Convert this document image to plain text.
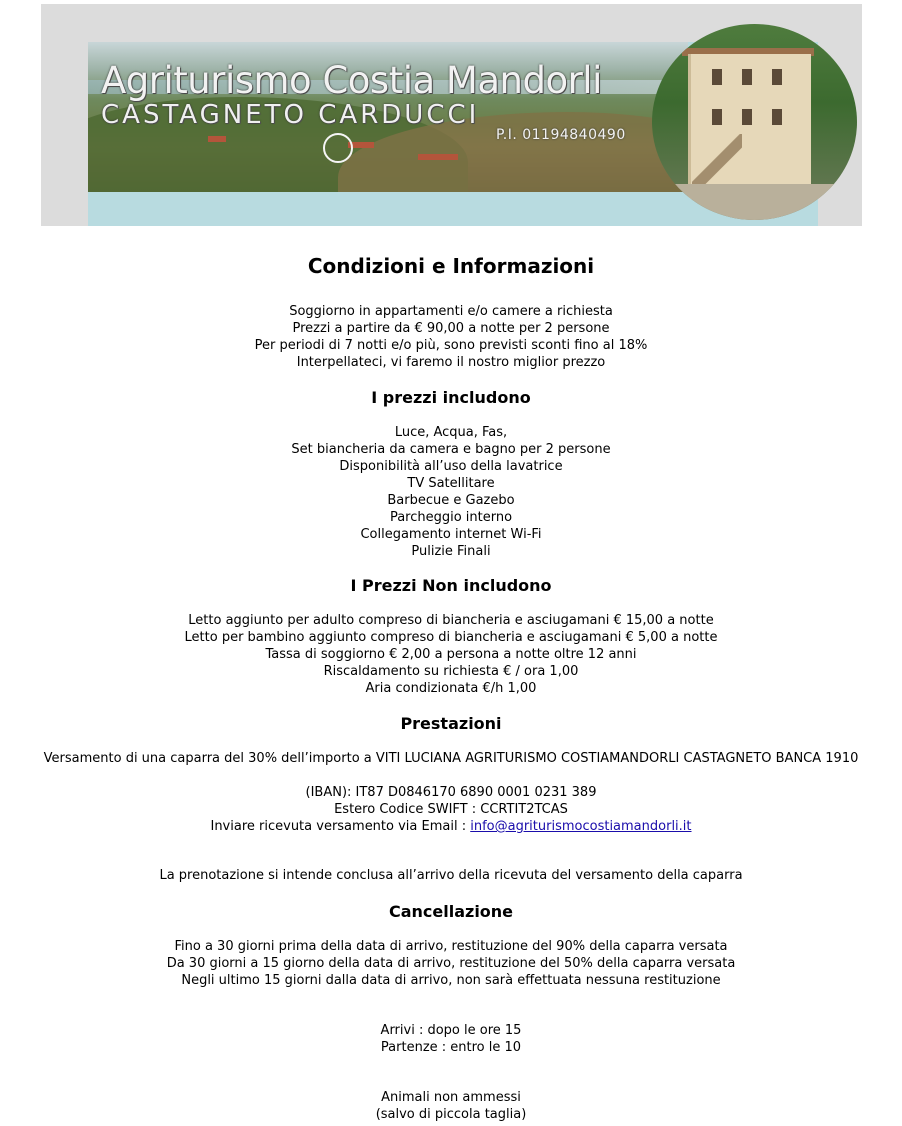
Agriturismo Costia Mandorli
CASTAGNETO CARDUCCI
P.I. 01194840490
Condizioni e Informazioni
Soggiorno in appartamenti e/o camere a richiesta
Prezzi a partire da € 90,00 a notte per 2 persone
Per periodi di 7 notti e/o più, sono previsti sconti fino al 18%
Interpellateci, vi faremo il nostro miglior prezzo
I prezzi includono
Luce, Acqua, Fas,
Set biancheria da camera e bagno per 2 persone
Disponibilità all’uso della lavatrice
TV Satellitare
Barbecue e Gazebo
Parcheggio interno
Collegamento internet Wi-Fi
Pulizie Finali
I Prezzi Non includono
Letto aggiunto per adulto compreso di biancheria e asciugamani € 15,00 a notte
Letto per bambino aggiunto compreso di biancheria e asciugamani € 5,00 a notte
Tassa di soggiorno € 2,00 a persona a notte oltre 12 anni
Riscaldamento su richiesta € / ora 1,00
Aria condizionata €/h 1,00
Prestazioni
Versamento di una caparra del 30% dell’importo a VITI LUCIANA AGRITURISMO COSTIAMANDORLI CASTAGNETO BANCA 1910
(IBAN): IT87 D0846170 6890 0001 0231 389
Estero Codice SWIFT : CCRTIT2TCAS
Inviare ricevuta versamento via Email : info@agriturismocostiamandorli.it
La prenotazione si intende conclusa all’arrivo della ricevuta del versamento della caparra
Cancellazione
Fino a 30 giorni prima della data di arrivo, restituzione del 90% della caparra versata
Da 30 giorni a 15 giorno della data di arrivo, restituzione del 50% della caparra versata
Negli ultimo 15 giorni dalla data di arrivo, non sarà effettuata nessuna restituzione
Arrivi : dopo le ore 15
Partenze : entro le 10
Animali non ammessi
(salvo di piccola taglia)
